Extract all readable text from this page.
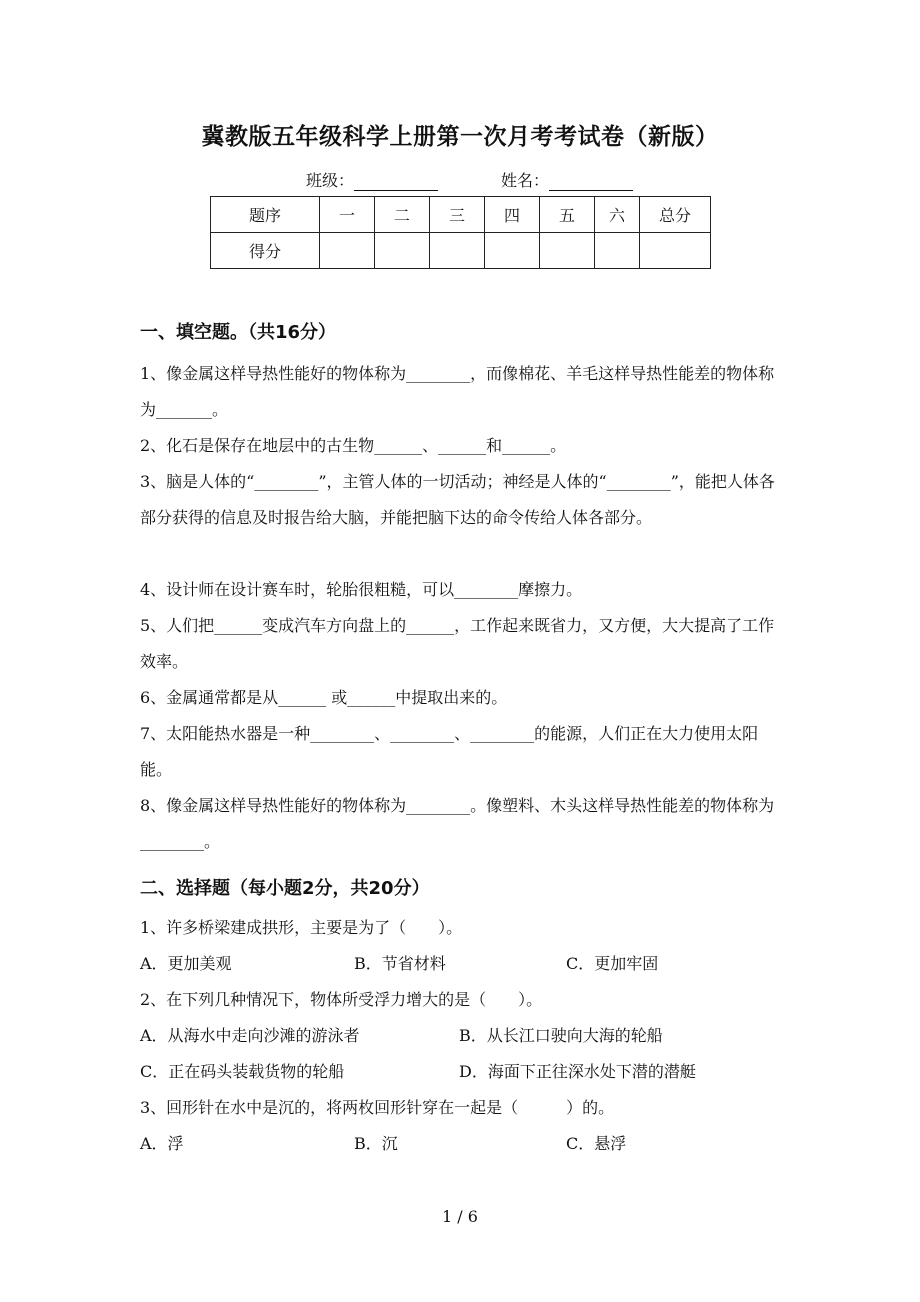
冀教版五年级科学上册第一次月考考试卷（新版）
班级：	姓名：
题序	一	二	三	四	五	六	总分
得分							
一、填空题。（共16分）
1、像金属这样导热性能好的物体称为________，而像棉花、羊毛这样导热性能差的物体称为_______。
2、化石是保存在地层中的古生物______、______和______。
3、脑是人体的“________”，主管人体的一切活动；神经是人体的“________”，能把人体各部分获得的信息及时报告给大脑，并能把脑下达的命令传给人体各部分。
4、设计师在设计赛车时，轮胎很粗糙，可以________摩擦力。
5、人们把______变成汽车方向盘上的______，工作起来既省力，又方便，大大提高了工作效率。
6、金属通常都是从______ 或______中提取出来的。
7、太阳能热水器是一种________、________、________的能源，人们正在大力使用太阳能。
8、像金属这样导热性能好的物体称为________。像塑料、木头这样导热性能差的物体称为________。
二、选择题（每小题2分，共20分）
1、许多桥梁建成拱形，主要是为了（　　）。
A．更加美观	B．节省材料	C．更加牢固
2、在下列几种情况下，物体所受浮力增大的是（　　）。
A．从海水中走向沙滩的游泳者	B．从长江口驶向大海的轮船
C．正在码头装载货物的轮船	D．海面下正往深水处下潜的潜艇
3、回形针在水中是沉的，将两枚回形针穿在一起是（　　　）的。
A．浮	B．沉	C．悬浮
1 / 6
